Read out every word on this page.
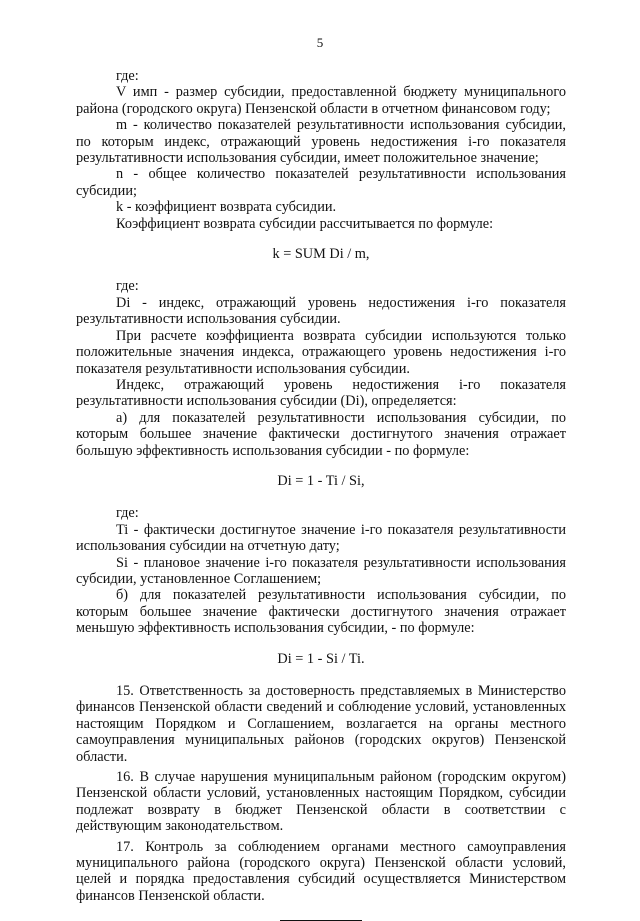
5

где:

V имп - размер субсидии, предоставленной бюджету муниципального района (городского округа) Пензенской области в отчетном финансовом году;

m - количество показателей результативности использования субсидии, по которым индекс, отражающий уровень недостижения i-го показателя результативности использования субсидии, имеет положительное значение;

n - общее количество показателей результативности использования субсидии;

k - коэффициент возврата субсидии.

Коэффициент возврата субсидии рассчитывается по формуле:

k = SUM Di / m,

где:

Di - индекс, отражающий уровень недостижения i-го показателя результативности использования субсидии.

При расчете коэффициента возврата субсидии используются только положительные значения индекса, отражающего уровень недостижения i-го показателя результативности использования субсидии.

Индекс, отражающий уровень недостижения i-го показателя результативности использования субсидии (Di), определяется:

а) для показателей результативности использования субсидии, по которым большее значение фактически достигнутого значения отражает большую эффективность использования субсидии - по формуле:

Di = 1 - Ti / Si,

где:

Ti - фактически достигнутое значение i-го показателя результативности использования субсидии на отчетную дату;

Si - плановое значение i-го показателя результативности использования субсидии, установленное Соглашением;

б) для показателей результативности использования субсидии, по которым большее значение фактически достигнутого значения отражает меньшую эффективность использования субсидии, - по формуле:

Di = 1 - Si / Ti.

15. Ответственность за достоверность представляемых в Министерство финансов Пензенской области сведений и соблюдение условий, установленных настоящим Порядком и Соглашением, возлагается на органы местного самоуправления муниципальных районов (городских округов) Пензенской области.

16. В случае нарушения муниципальным районом (городским округом) Пензенской области условий, установленных настоящим Порядком, субсидии подлежат возврату в бюджет Пензенской области в соответствии с действующим законодательством.

17. Контроль за соблюдением органами местного самоуправления муниципального района (городского округа) Пензенской области условий, целей и порядка предоставления субсидий осуществляется Министерством финансов Пензенской области.
